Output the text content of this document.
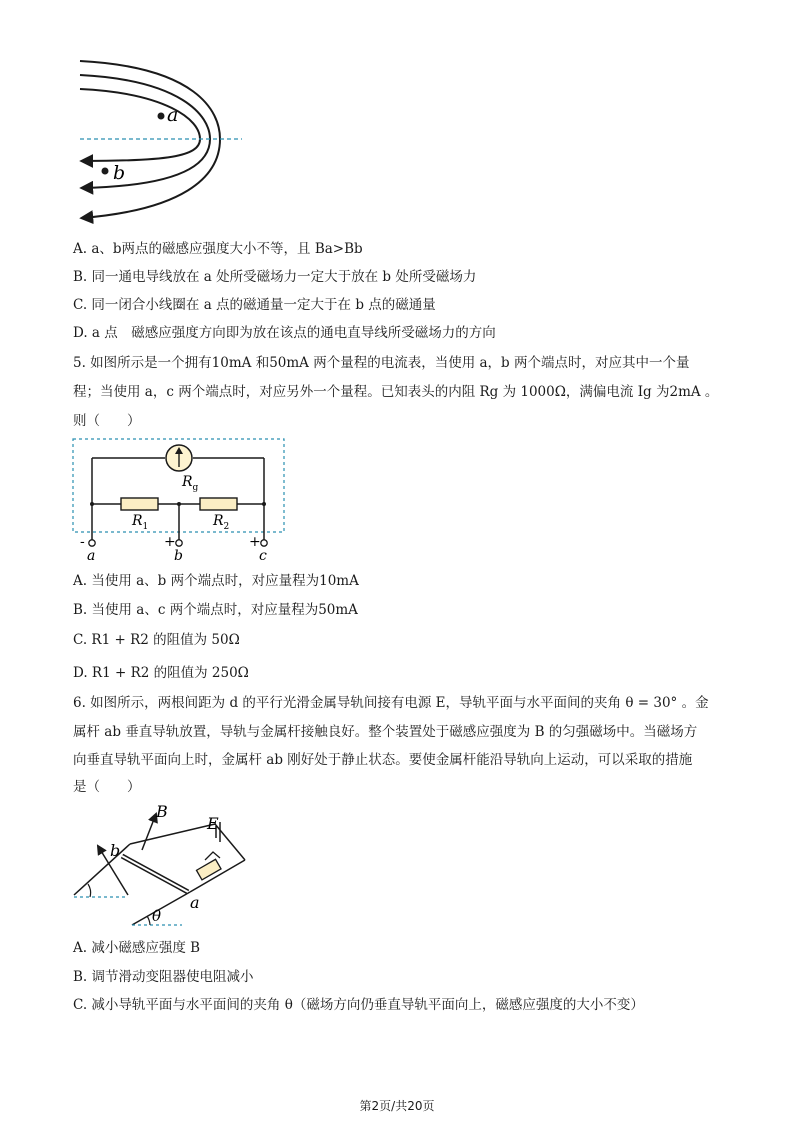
a
b
A. a、b两点的磁感应强度大小不等，且 Ba>Bb
B. 同一通电导线放在 a 处所受磁场力一定大于放在 b 处所受磁场力
C. 同一闭合小线圈在 a 点的磁通量一定大于在 b 点的磁通量
D. a 点　磁感应强度方向即为放在该点的通电直导线所受磁场力的方向
5. 如图所示是一个拥有10mA 和50mA 两个量程的电流表，当使用 a，b 两个端点时，对应其中一个量
程；当使用 a，c 两个端点时，对应另外一个量程。已知表头的内阻 Rg 为 1000Ω，满偏电流 Ig 为2mA 。
则（　　）
$R_g$
$R_1$	$R_2$
-	+	+
a	b	c
A. 当使用 a、b 两个端点时，对应量程为10mA
B. 当使用 a、c 两个端点时，对应量程为50mA
C. R1 + R2 的阻值为 50Ω
D. R1 + R2 的阻值为 250Ω
6. 如图所示，两根间距为 d 的平行光滑金属导轨间接有电源 E，导轨平面与水平面间的夹角 θ = 30° 。金
属杆 ab 垂直导轨放置，导轨与金属杆接触良好。整个装置处于磁感应强度为 B 的匀强磁场中。当磁场方
向垂直导轨平面向上时，金属杆 ab 刚好处于静止状态。要使金属杆能沿导轨向上运动，可以采取的措施
是（　　）
B
E
b
a
θ
A. 减小磁感应强度 B
B. 调节滑动变阻器使电阻减小
C. 减小导轨平面与水平面间的夹角 θ（磁场方向仍垂直导轨平面向上，磁感应强度的大小不变）
第2页/共20页
